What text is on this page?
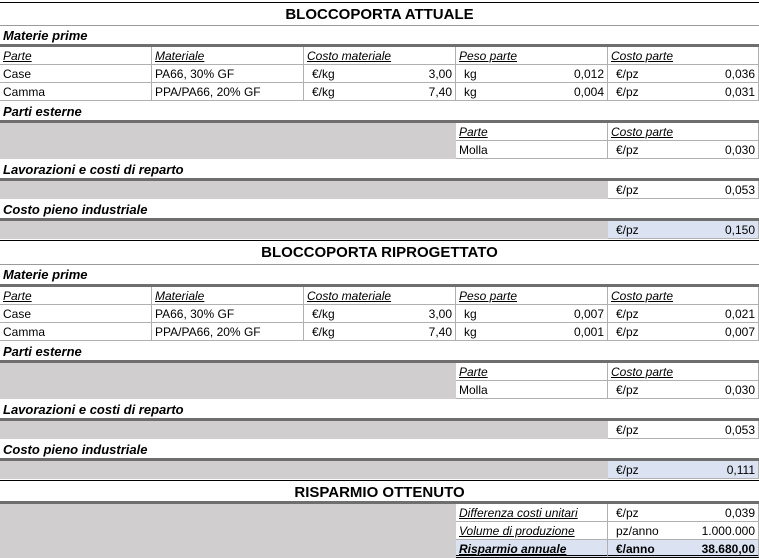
BLOCCOPORTA ATTUALE
Materie prime
Parte	Materiale	Costo materiale	Peso parte	Costo parte
Case	PA66, 30% GF	€/kg	3,00	kg	0,012	€/pz	0,036
Camma	PPA/PA66, 20% GF	€/kg	7,40	kg	0,004	€/pz	0,031
Parti esterne
Parte	Costo parte
Molla	€/pz	0,030
Lavorazioni e costi di reparto
€/pz	0,053
Costo pieno industriale
€/pz	0,150
BLOCCOPORTA RIPROGETTATO
Materie prime
Parte	Materiale	Costo materiale	Peso parte	Costo parte
Case	PA66, 30% GF	€/kg	3,00	kg	0,007	€/pz	0,021
Camma	PPA/PA66, 20% GF	€/kg	7,40	kg	0,001	€/pz	0,007
Parti esterne
Parte	Costo parte
Molla	€/pz	0,030
Lavorazioni e costi di reparto
€/pz	0,053
Costo pieno industriale
€/pz	0,111
RISPARMIO OTTENUTO
Differenza costi unitari	€/pz	0,039
Volume di produzione	pz/anno	1.000.000
Risparmio annuale	€/anno	38.680,00
